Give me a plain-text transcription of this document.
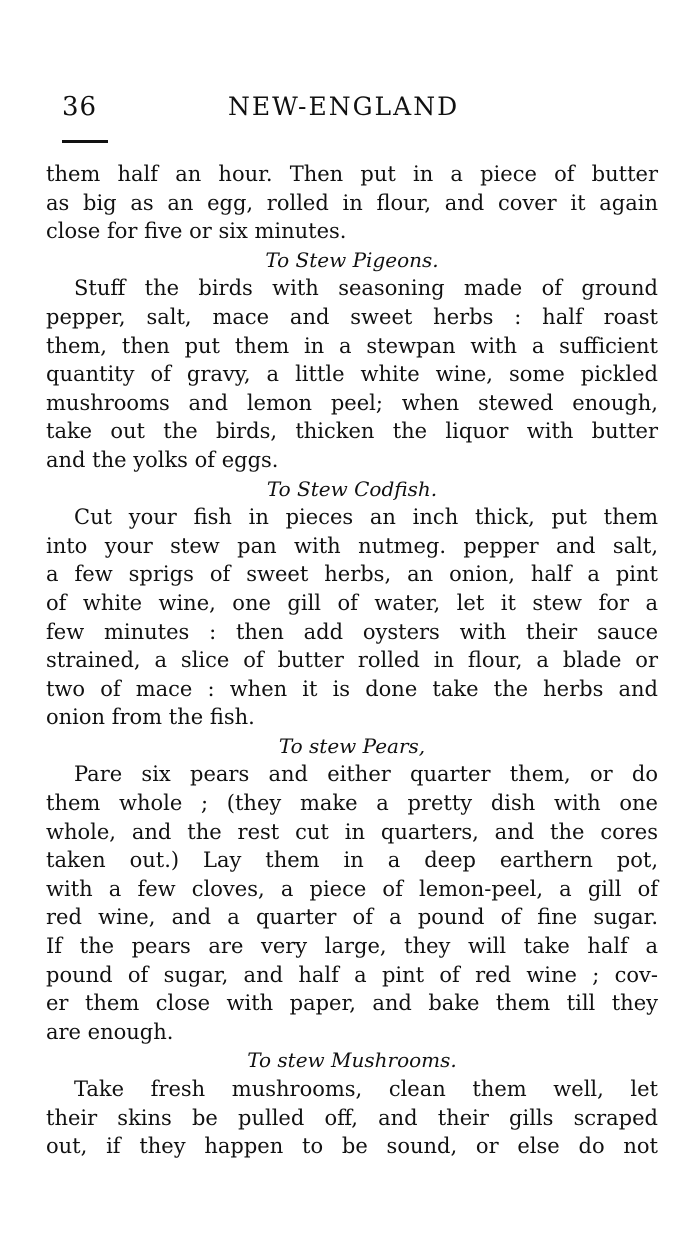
36	NEW-ENGLAND
them half an hour. Then put in a piece of butter
as big as an egg, rolled in flour, and cover it again
close for five or six minutes.
To Stew Pigeons.
Stuff the birds with seasoning made of ground
pepper, salt, mace and sweet herbs : half roast
them, then put them in a stewpan with a sufficient
quantity of gravy, a little white wine, some pickled
mushrooms and lemon peel; when stewed enough,
take out the birds, thicken the liquor with butter
and the yolks of eggs.
To Stew Codfish.
Cut your fish in pieces an inch thick, put them
into your stew pan with nutmeg. pepper and salt,
a few sprigs of sweet herbs, an onion, half a pint
of white wine, one gill of water, let it stew for a
few minutes : then add oysters with their sauce
strained, a slice of butter rolled in flour, a blade or
two of mace : when it is done take the herbs and
onion from the fish.
To stew Pears,
Pare six pears and either quarter them, or do
them whole ; (they make a pretty dish with one
whole, and the rest cut in quarters, and the cores
taken out.) Lay them in a deep earthern pot,
with a few cloves, a piece of lemon-peel, a gill of
red wine, and a quarter of a pound of fine sugar.
If the pears are very large, they will take half a
pound of sugar, and half a pint of red wine ; cov-
er them close with paper, and bake them till they
are enough.
To stew Mushrooms.
Take fresh mushrooms, clean them well, let
their skins be pulled off, and their gills scraped
out, if they happen to be sound, or else do not
